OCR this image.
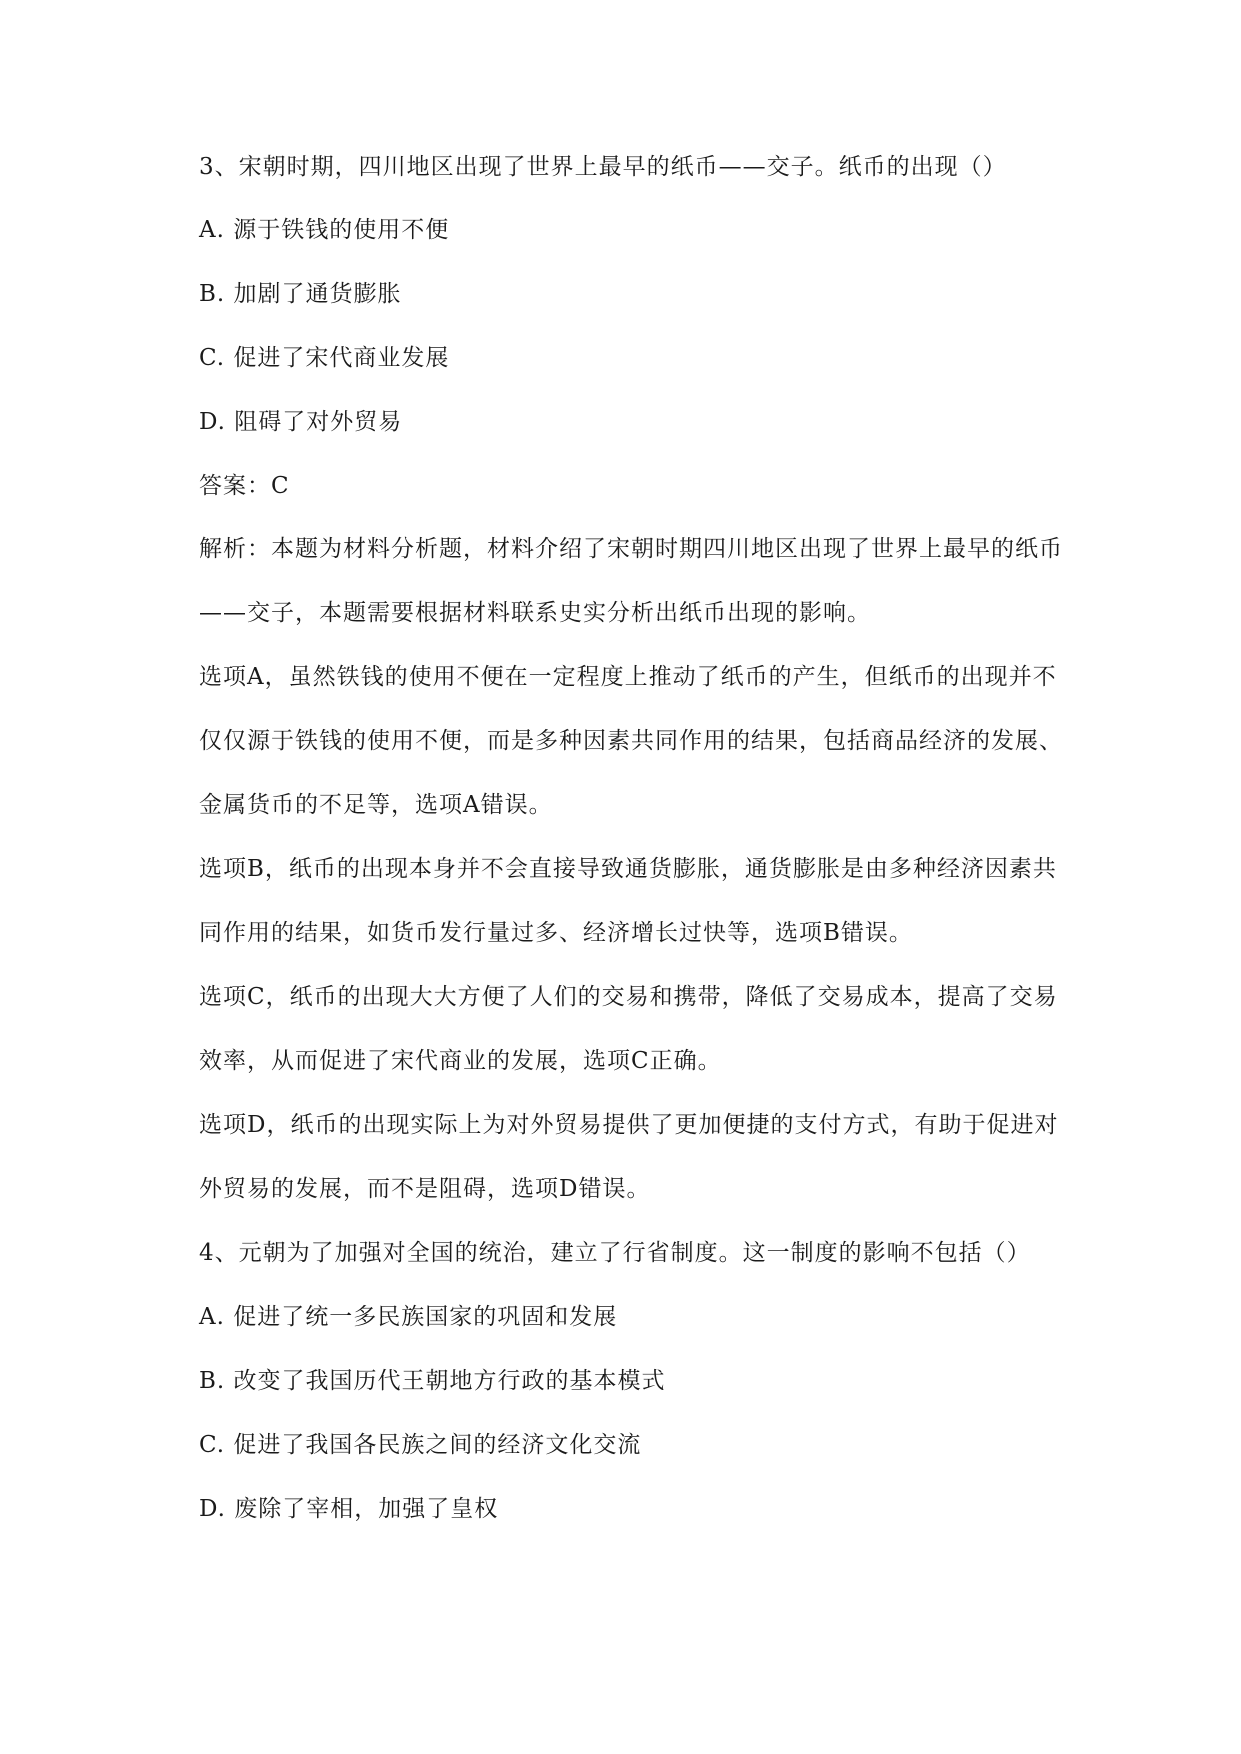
3、宋朝时期，四川地区出现了世界上最早的纸币——交子。纸币的出现（）
A. 源于铁钱的使用不便
B. 加剧了通货膨胀
C. 促进了宋代商业发展
D. 阻碍了对外贸易
答案：C
解析：本题为材料分析题，材料介绍了宋朝时期四川地区出现了世界上最早的纸币
——交子，本题需要根据材料联系史实分析出纸币出现的影响。
选项A，虽然铁钱的使用不便在一定程度上推动了纸币的产生，但纸币的出现并不
仅仅源于铁钱的使用不便，而是多种因素共同作用的结果，包括商品经济的发展、
金属货币的不足等，选项A错误。
选项B，纸币的出现本身并不会直接导致通货膨胀，通货膨胀是由多种经济因素共
同作用的结果，如货币发行量过多、经济增长过快等，选项B错误。
选项C，纸币的出现大大方便了人们的交易和携带，降低了交易成本，提高了交易
效率，从而促进了宋代商业的发展，选项C正确。
选项D，纸币的出现实际上为对外贸易提供了更加便捷的支付方式，有助于促进对
外贸易的发展，而不是阻碍，选项D错误。
4、元朝为了加强对全国的统治，建立了行省制度。这一制度的影响不包括（）
A. 促进了统一多民族国家的巩固和发展
B. 改变了我国历代王朝地方行政的基本模式
C. 促进了我国各民族之间的经济文化交流
D. 废除了宰相，加强了皇权
